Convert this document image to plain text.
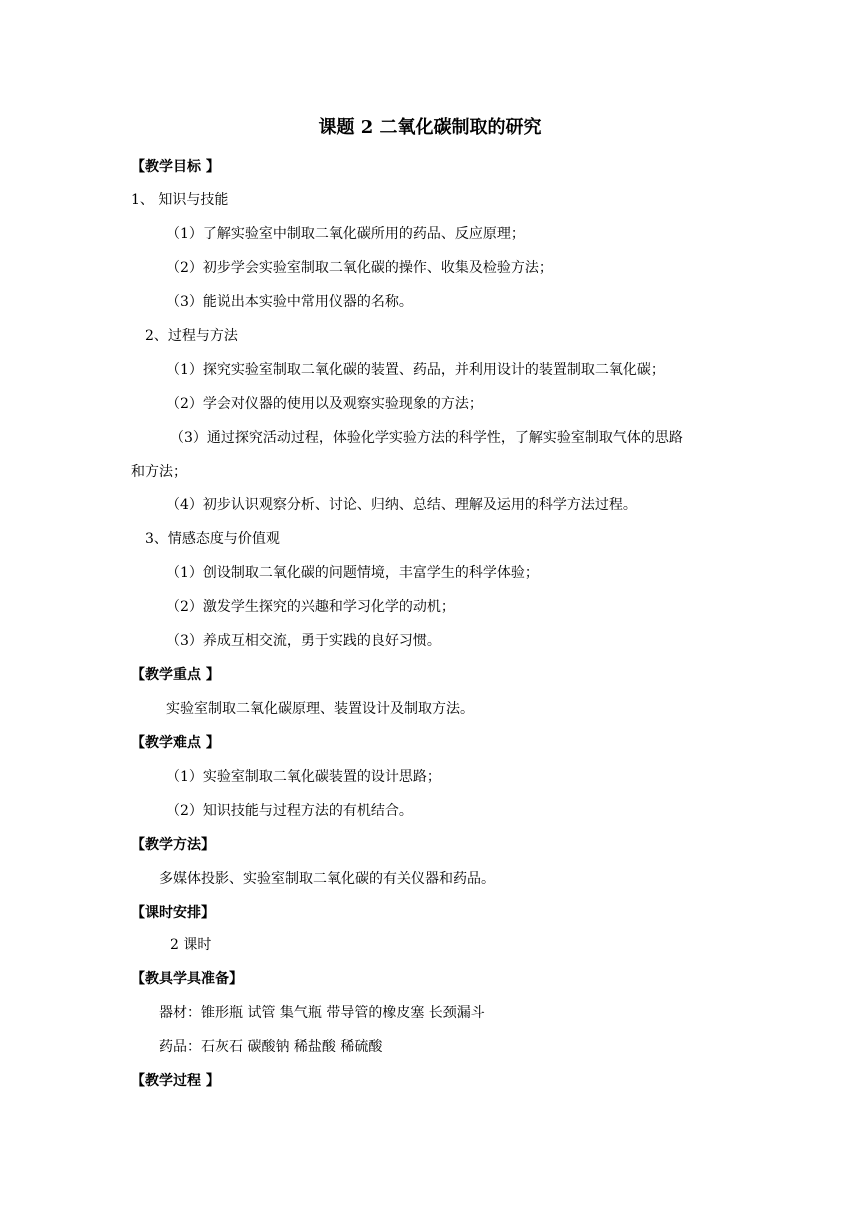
课题 2 二氧化碳制取的研究
【教学目标 】
1、 知识与技能
（1）了解实验室中制取二氧化碳所用的药品、反应原理；
（2）初步学会实验室制取二氧化碳的操作、收集及检验方法；
（3）能说出本实验中常用仪器的名称。
2、过程与方法
（1）探究实验室制取二氧化碳的装置、药品，并利用设计的装置制取二氧化碳；
（2）学会对仪器的使用以及观察实验现象的方法；
（3）通过探究活动过程，体验化学实验方法的科学性，了解实验室制取气体的思路
和方法；
（4）初步认识观察分析、讨论、归纳、总结、理解及运用的科学方法过程。
3、情感态度与价值观
（1）创设制取二氧化碳的问题情境，丰富学生的科学体验；
（2）激发学生探究的兴趣和学习化学的动机；
（3）养成互相交流，勇于实践的良好习惯。
【教学重点 】
实验室制取二氧化碳原理、装置设计及制取方法。
【教学难点 】
（1）实验室制取二氧化碳装置的设计思路；
（2）知识技能与过程方法的有机结合。
【教学方法】
多媒体投影、实验室制取二氧化碳的有关仪器和药品。
【课时安排】
2 课时
【教具学具准备】
器材：锥形瓶 试管 集气瓶 带导管的橡皮塞 长颈漏斗
药品：石灰石 碳酸钠 稀盐酸 稀硫酸
【教学过程 】
